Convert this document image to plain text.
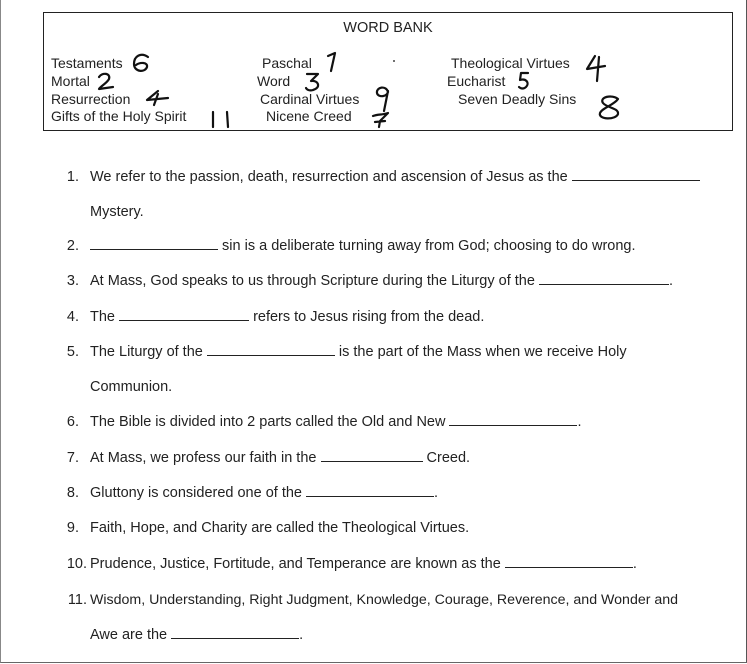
WORD BANK
Testaments	Paschal	Theological Virtues
Mortal	Word	Eucharist
Resurrection	Cardinal Virtues	Seven Deadly Sins
Gifts of the Holy Spirit	Nicene Creed
1. We refer to the passion, death, resurrection and ascension of Jesus as the
Mystery.
2.	sin is a deliberate turning away from God; choosing to do wrong.
3. At Mass, God speaks to us through Scripture during the Liturgy of the	.
4. The	refers to Jesus rising from the dead.
5. The Liturgy of the	is the part of the Mass when we receive Holy
Communion.
6. The Bible is divided into 2 parts called the Old and New	.
7. At Mass, we profess our faith in the	Creed.
8. Gluttony is considered one of the	.
9. Faith, Hope, and Charity are called the Theological Virtues.
10. Prudence, Justice, Fortitude, and Temperance are known as the	.
11. Wisdom, Understanding, Right Judgment, Knowledge, Courage, Reverence, and Wonder and
Awe are the	.
